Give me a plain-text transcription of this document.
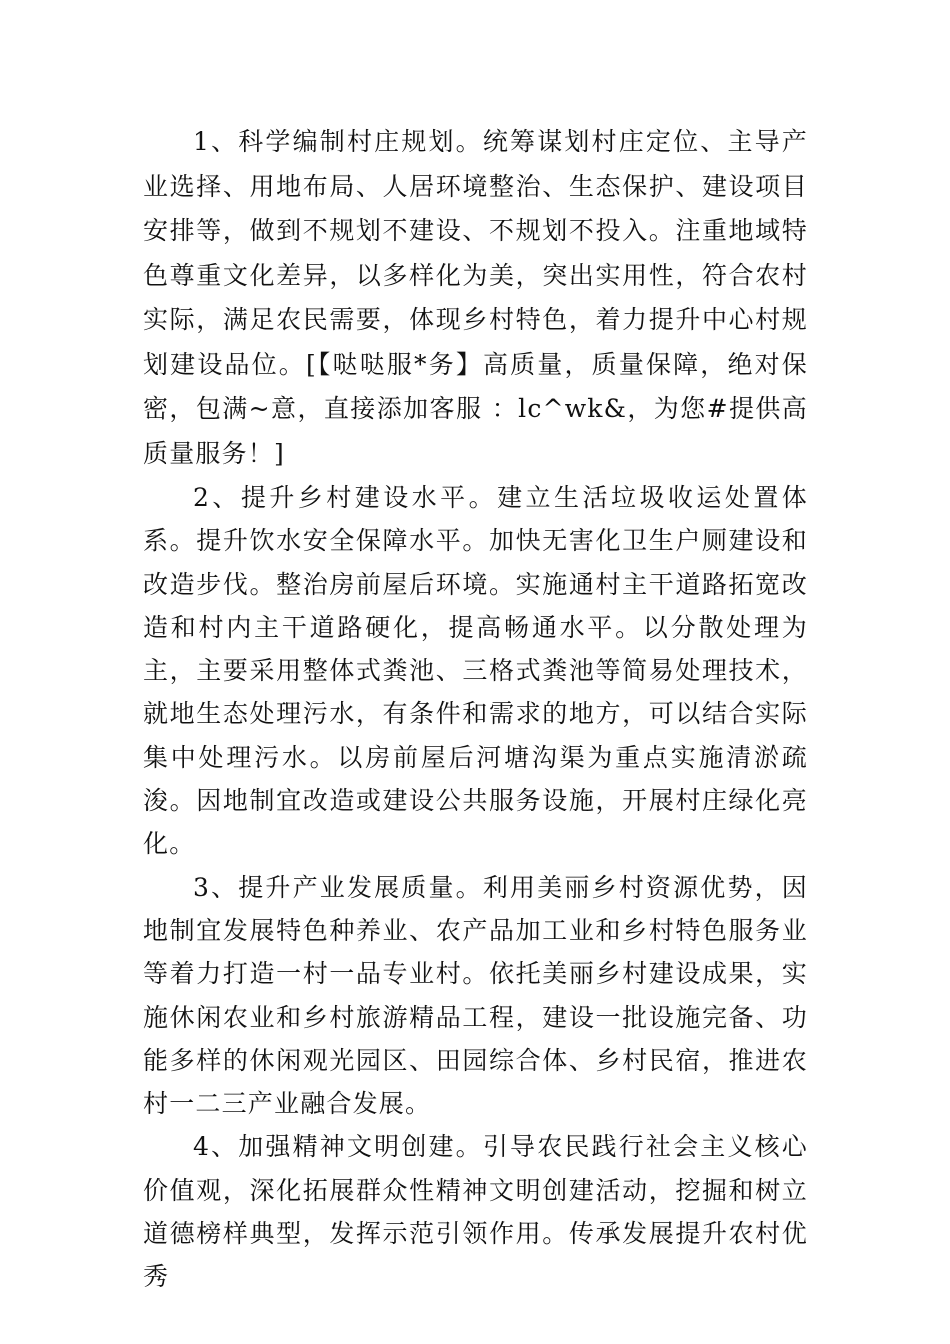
1、科学编制村庄规划。统筹谋划村庄定位、主导产业选择、用地布局、人居环境整治、生态保护、建设项目安排等，做到不规划不建设、不规划不投入。注重地域特色尊重文化差异，以多样化为美，突出实用性，符合农村实际，满足农民需要，体现乡村特色，着力提升中心村规划建设品位。[【哒哒服*务】高质量，质量保障，绝对保密，包满~意，直接添加客服 ：lc^wk&，为您#提供高质量服务！]

2、提升乡村建设水平。建立生活垃圾收运处置体系。提升饮水安全保障水平。加快无害化卫生户厕建设和改造步伐。整治房前屋后环境。实施通村主干道路拓宽改造和村内主干道路硬化，提高畅通水平。以分散处理为主，主要采用整体式粪池、三格式粪池等简易处理技术，就地生态处理污水，有条件和需求的地方，可以结合实际集中处理污水。以房前屋后河塘沟渠为重点实施清淤疏浚。因地制宜改造或建设公共服务设施，开展村庄绿化亮化。

3、提升产业发展质量。利用美丽乡村资源优势，因地制宜发展特色种养业、农产品加工业和乡村特色服务业等着力打造一村一品专业村。依托美丽乡村建设成果，实施休闲农业和乡村旅游精品工程，建设一批设施完备、功能多样的休闲观光园区、田园综合体、乡村民宿，推进农村一二三产业融合发展。

4、加强精神文明创建。引导农民践行社会主义核心价值观，深化拓展群众性精神文明创建活动，挖掘和树立道德榜样典型，发挥示范引领作用。传承发展提升农村优秀
